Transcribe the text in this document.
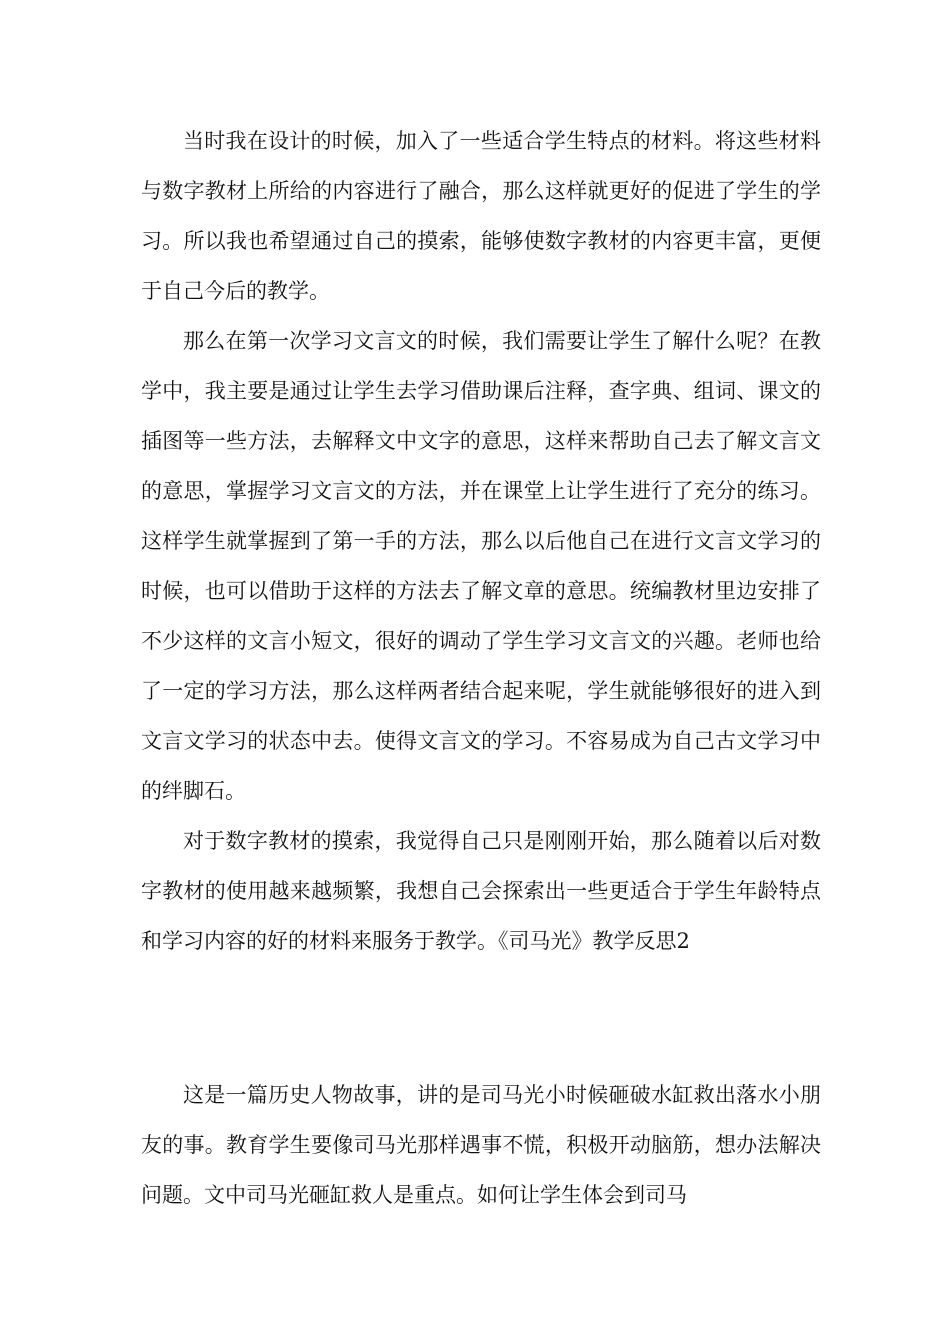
当时我在设计的时候，加入了一些适合学生特点的材料。将这些材料与数字教材上所给的内容进行了融合，那么这样就更好的促进了学生的学习。所以我也希望通过自己的摸索，能够使数字教材的内容更丰富，更便于自己今后的教学。

那么在第一次学习文言文的时候，我们需要让学生了解什么呢？在教学中，我主要是通过让学生去学习借助课后注释，查字典、组词、课文的插图等一些方法，去解释文中文字的意思，这样来帮助自己去了解文言文的意思，掌握学习文言文的方法，并在课堂上让学生进行了充分的练习。这样学生就掌握到了第一手的方法，那么以后他自己在进行文言文学习的时候，也可以借助于这样的方法去了解文章的意思。统编教材里边安排了不少这样的文言小短文，很好的调动了学生学习文言文的兴趣。老师也给了一定的学习方法，那么这样两者结合起来呢，学生就能够很好的进入到文言文学习的状态中去。使得文言文的学习。不容易成为自己古文学习中的绊脚石。

对于数字教材的摸索，我觉得自己只是刚刚开始，那么随着以后对数字教材的使用越来越频繁，我想自己会探索出一些更适合于学生年龄特点和学习内容的好的材料来服务于教学。《司马光》教学反思2

这是一篇历史人物故事，讲的是司马光小时候砸破水缸救出落水小朋友的事。教育学生要像司马光那样遇事不慌，积极开动脑筋，想办法解决问题。文中司马光砸缸救人是重点。如何让学生体会到司马
